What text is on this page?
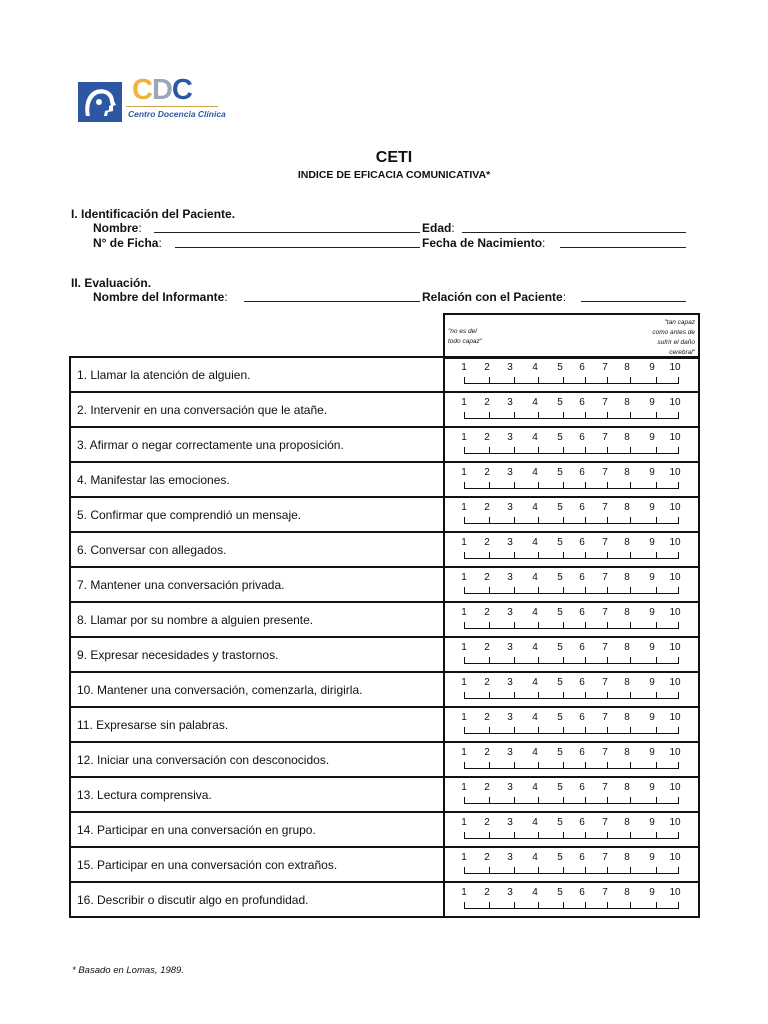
CDC
Centro Docencia Clínica
CETI
INDICE DE EFICACIA COMUNICATIVA*
I. Identificación del Paciente.
Nombre:	Edad:
N° de Ficha:	Fecha de Nacimiento:
II. Evaluación.
Nombre del Informante:	Relación con el Paciente:
"no es del
todo capaz"
"tan capaz
como antes de
sufrir el daño
cerebral"
1. Llamar la atención de alguien.
1 2 3 4 5 6 7 8 9 10
2. Intervenir en una conversación que le atañe.
1 2 3 4 5 6 7 8 9 10
3. Afirmar o negar correctamente una proposición.
1 2 3 4 5 6 7 8 9 10
4. Manifestar las emociones.
1 2 3 4 5 6 7 8 9 10
5. Confirmar que comprendió un mensaje.
1 2 3 4 5 6 7 8 9 10
6. Conversar con allegados.
1 2 3 4 5 6 7 8 9 10
7. Mantener una conversación privada.
1 2 3 4 5 6 7 8 9 10
8. Llamar por su nombre a alguien presente.
1 2 3 4 5 6 7 8 9 10
9. Expresar necesidades y trastornos.
1 2 3 4 5 6 7 8 9 10
10. Mantener una conversación, comenzarla, dirigirla.
1 2 3 4 5 6 7 8 9 10
11. Expresarse sin palabras.
1 2 3 4 5 6 7 8 9 10
12. Iniciar una conversación con desconocidos.
1 2 3 4 5 6 7 8 9 10
13. Lectura comprensiva.
1 2 3 4 5 6 7 8 9 10
14. Participar en una conversación en grupo.
1 2 3 4 5 6 7 8 9 10
15. Participar en una conversación con extraños.
1 2 3 4 5 6 7 8 9 10
16. Describir o discutir algo en profundidad.
1 2 3 4 5 6 7 8 9 10
* Basado en Lomas, 1989.
